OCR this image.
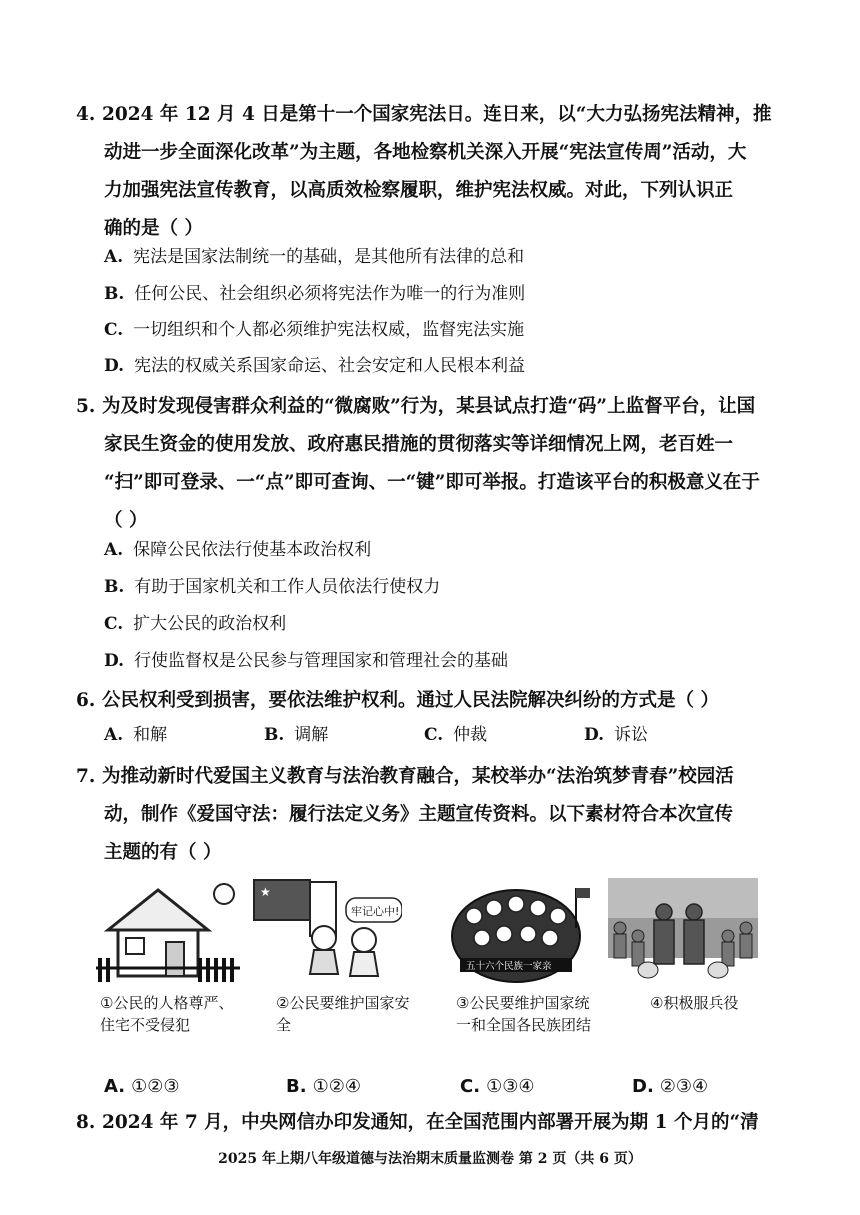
4. 2024 年 12 月 4 日是第十一个国家宪法日。连日来，以“大力弘扬宪法精神，推
动进一步全面深化改革”为主题，各地检察机关深入开展“宪法宣传周”活动，大
力加强宪法宣传教育，以高质效检察履职，维护宪法权威。对此，下列认识正
确的是（ ）
A. 宪法是国家法制统一的基础，是其他所有法律的总和
B. 任何公民、社会组织必须将宪法作为唯一的行为准则
C. 一切组织和个人都必须维护宪法权威，监督宪法实施
D. 宪法的权威关系国家命运、社会安定和人民根本利益
5. 为及时发现侵害群众利益的“微腐败”行为，某县试点打造“码”上监督平台，让国
家民生资金的使用发放、政府惠民措施的贯彻落实等详细情况上网，老百姓一
“扫”即可登录、一“点”即可查询、一“键”即可举报。打造该平台的积极意义在于
（ ）
A. 保障公民依法行使基本政治权利
B. 有助于国家机关和工作人员依法行使权力
C. 扩大公民的政治权利
D. 行使监督权是公民参与管理国家和管理社会的基础
6. 公民权利受到损害，要依法维护权利。通过人民法院解决纠纷的方式是（ ）
A. 和解	B. 调解	C. 仲裁	D. 诉讼
7. 为推动新时代爱国主义教育与法治教育融合，某校举办“法治筑梦青春”校园活
动，制作《爱国守法：履行法定义务》主题宣传资料。以下素材符合本次宣传
主题的有（ ）
①公民的人格尊严、住宅不受侵犯
★
牢记心中!
②公民要维护国家安全
五十六个民族一家亲
③公民要维护国家统一和全国各民族团结
④积极服兵役
A. ①②③	B. ①②④	C. ①③④	D. ②③④
8. 2024 年 7 月，中央网信办印发通知，在全国范围内部署开展为期 1 个月的“清
2025 年上期八年级道德与法治期末质量监测卷 第 2 页（共 6 页）
